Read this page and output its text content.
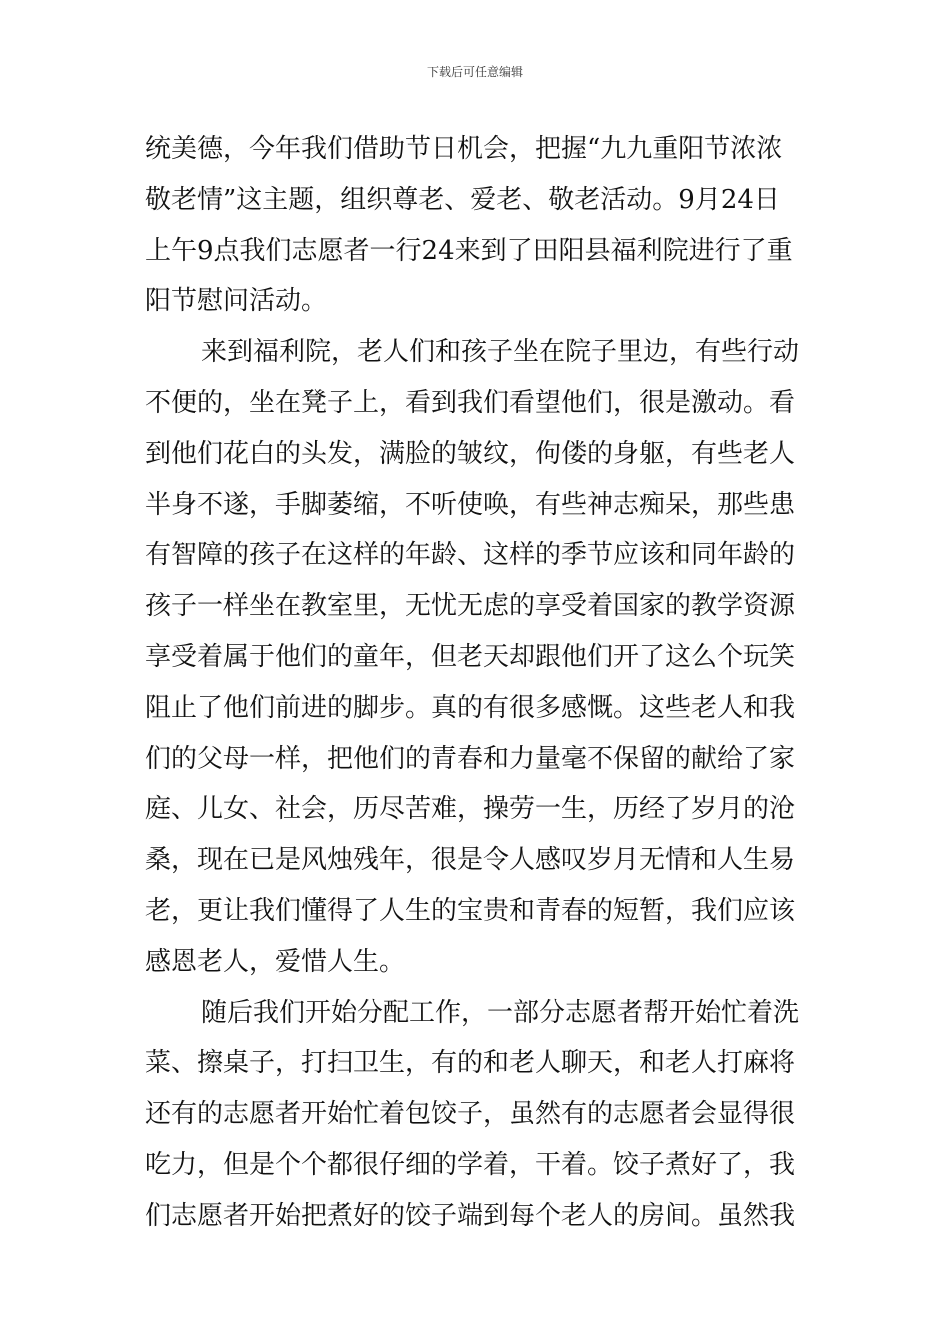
下载后可任意编辑
统美德，今年我们借助节日机会，把握“九九重阳节浓浓
敬老情”这主题，组织尊老、爱老、敬老活动。9月24日
上午9点我们志愿者一行24来到了田阳县福利院进行了重
阳节慰问活动。
来到福利院，老人们和孩子坐在院子里边，有些行动
不便的，坐在凳子上，看到我们看望他们，很是激动。看
到他们花白的头发，满脸的皱纹，佝偻的身躯，有些老人
半身不遂，手脚萎缩，不听使唤，有些神志痴呆，那些患
有智障的孩子在这样的年龄、这样的季节应该和同年龄的
孩子一样坐在教室里，无忧无虑的享受着国家的教学资源
享受着属于他们的童年，但老天却跟他们开了这么个玩笑
阻止了他们前进的脚步。真的有很多感慨。这些老人和我
们的父母一样，把他们的青春和力量毫不保留的献给了家
庭、儿女、社会，历尽苦难，操劳一生，历经了岁月的沧
桑，现在已是风烛残年，很是令人感叹岁月无情和人生易
老，更让我们懂得了人生的宝贵和青春的短暂，我们应该
感恩老人，爱惜人生。
随后我们开始分配工作，一部分志愿者帮开始忙着洗
菜、擦桌子，打扫卫生，有的和老人聊天，和老人打麻将
还有的志愿者开始忙着包饺子，虽然有的志愿者会显得很
吃力，但是个个都很仔细的学着，干着。饺子煮好了，我
们志愿者开始把煮好的饺子端到每个老人的房间。虽然我
